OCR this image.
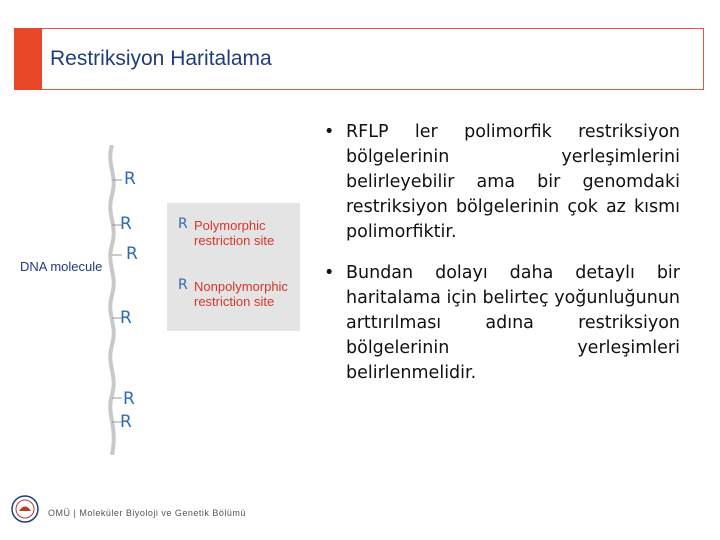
Restriksiyon Haritalama
• RFLP ler polimorfik restriksiyon bölgelerinin yerleşimlerini belirleyebilir ama bir genomdaki restriksiyon bölgelerinin çok az kısmı polimorfiktir.
• Bundan dolayı daha detaylı bir haritalama için belirteç yoğunluğunun arttırılması adına restriksiyon bölgelerinin yerleşimleri belirlenmelidir.
DNA molecule
R
R
R
R
R
R
R Polymorphic restriction site
R Nonpolymorphic restriction site
OMÜ | Moleküler Biyoloji ve Genetik Bölümü
